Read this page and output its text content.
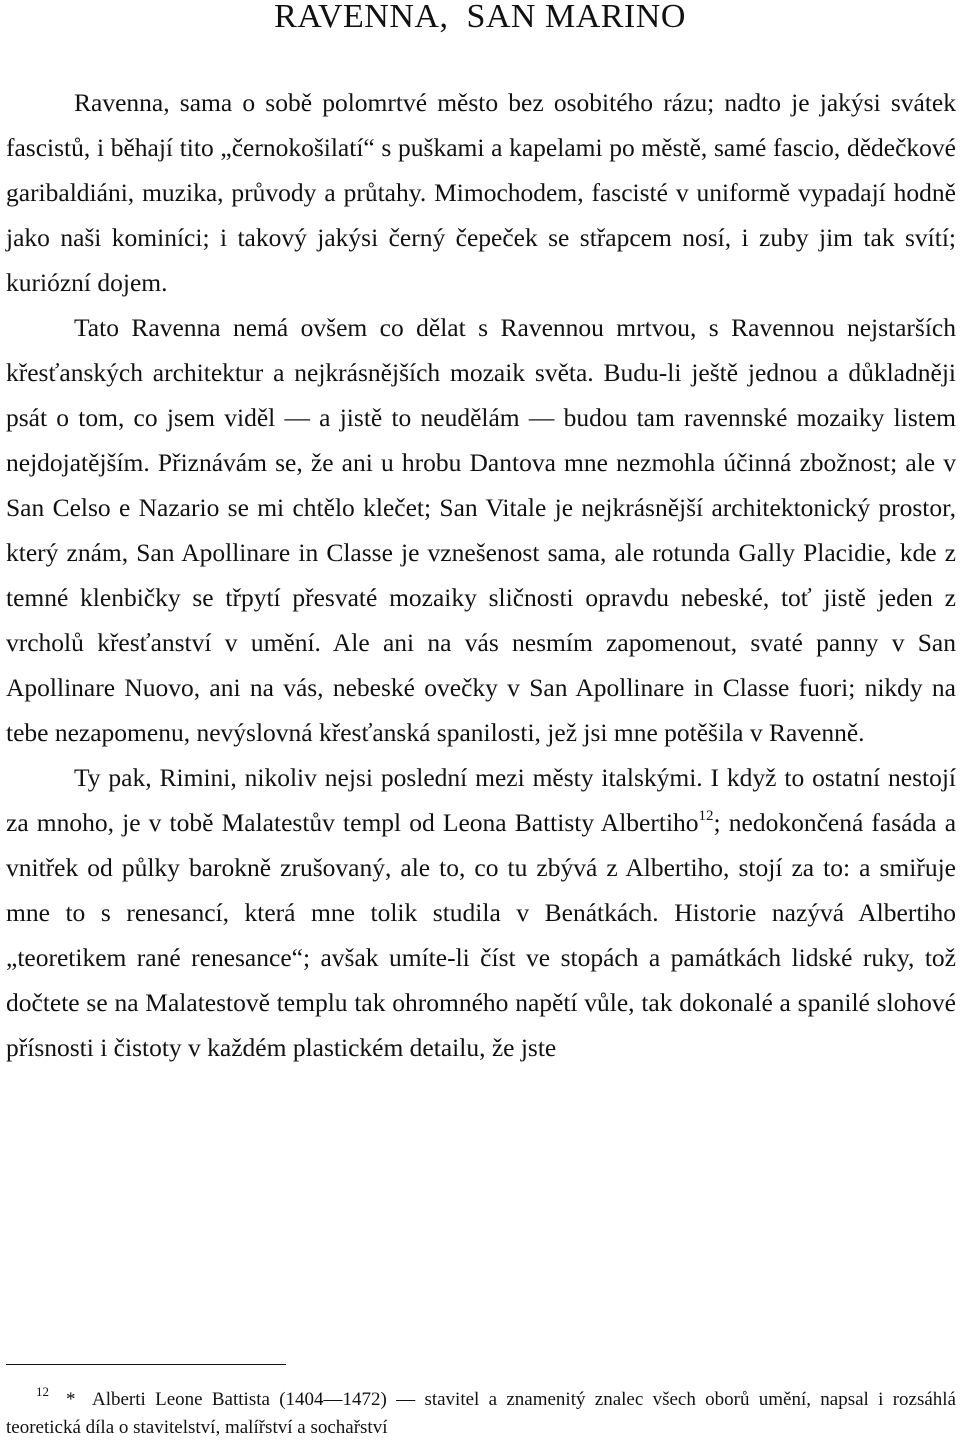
RAVENNA,  SAN MARINO

Ravenna, sama o sobě polomrtvé město bez osobitého rázu; nadto je jakýsi svátek fascistů, i běhají tito „černokošilatí“ s puškami a kapelami po městě, samé fascio, dědečkové garibaldiáni, muzika, průvody a průtahy. Mimochodem, fascisté v uniformě vypadají hodně jako naši kominíci; i takový jakýsi černý čepeček se střapcem nosí, i zuby jim tak svítí; kuriózní dojem.

Tato Ravenna nemá ovšem co dělat s Ravennou mrtvou, s Ravennou nejstarších křesťanských architektur a nejkrásnějších mozaik světa. Budu-li ještě jednou a důkladněji psát o tom, co jsem viděl — a jistě to neudělám — budou tam ravennské mozaiky listem nejdojatějším. Přiznávám se, že ani u hrobu Dantova mne nezmohla účinná zbožnost; ale v San Celso e Nazario se mi chtělo klečet; San Vitale je nejkrásnější architektonický prostor, který znám, San Apollinare in Classe je vznešenost sama, ale rotunda Gally Placidie, kde z temné klenbičky se třpytí přesvaté mozaiky sličnosti opravdu nebeské, toť jistě jeden z vrcholů křesťanství v umění. Ale ani na vás nesmím zapomenout, svaté panny v San Apollinare Nuovo, ani na vás, nebeské ovečky v San Apollinare in Classe fuori; nikdy na tebe nezapomenu, nevýslovná křesťanská spanilosti, jež jsi mne potěšila v Ravenně.

Ty pak, Rimini, nikoliv nejsi poslední mezi městy italskými. I když to ostatní nestojí za mnoho, je v tobě Malatestův templ od Leona Battisty Albertiho$^{12}$; nedokončená fasáda a vnitřek od půlky barokně zrušovaný, ale to, co tu zbývá z Albertiho, stojí za to: a smiřuje mne to s renesancí, která mne tolik studila v Benátkách. Historie nazývá Albertiho „teoretikem rané renesance“; avšak umíte-li číst ve stopách a památkách lidské ruky, tož dočtete se na Malatestově templu tak ohromného napětí vůle, tak dokonalé a spanilé slohové přísnosti i čistoty v každém plastickém detailu, že jste

12 * Alberti Leone Battista (1404—1472) — stavitel a znamenitý znalec všech oborů umění, napsal i rozsáhlá teoretická díla o stavitelství, malířství a sochařství
